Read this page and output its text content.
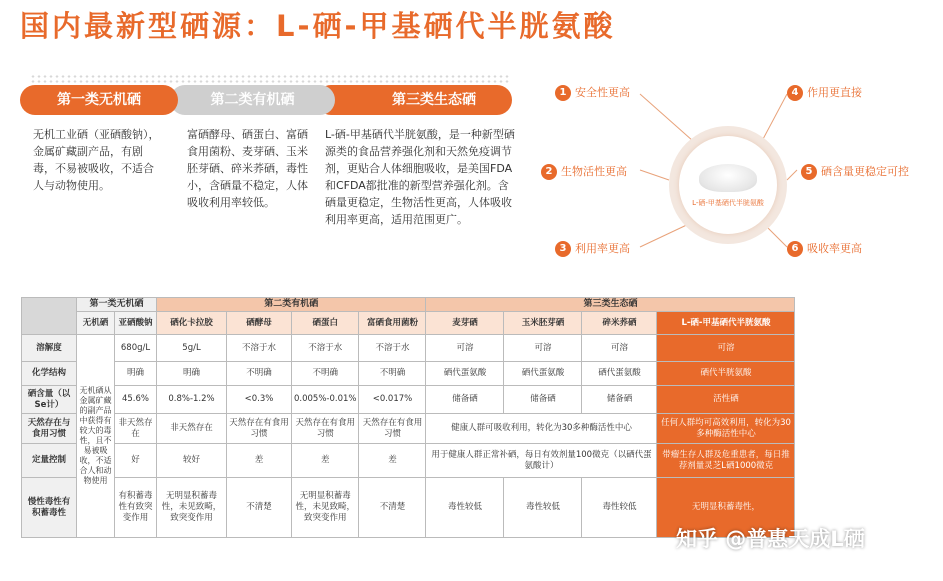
国内最新型硒源：L-硒-甲基硒代半胱氨酸
第三类生态硒
第二类有机硒
第一类无机硒
无机工业硒（亚硒酸钠），金属矿藏副产品，有剧毒，不易被吸收，不适合人与动物使用。
富硒酵母、硒蛋白、富硒食用菌粉、麦芽硒、玉米胚芽硒、碎米荞硒，毒性小，含硒量不稳定，人体吸收利用率较低。
L-硒-甲基硒代半胱氨酸，是一种新型硒源类的食品营养强化剂和天然免疫调节剂，更贴合人体细胞吸收，是美国FDA和CFDA都批准的新型营养强化剂。含硒量更稳定，生物活性更高，人体吸收利用率更高，适用范围更广。
1 安全性更高
2 生物活性更高
3 利用率更高
4 作用更直接
5 硒含量更稳定可控
6 吸收率更高
L-硒-甲基硒代半胱氨酸
	第一类无机硒		第二类有机硒				第三类生态硒			
	无机硒	亚硒酸钠	硒化卡拉胶	硒酵母	硒蛋白	富硒食用菌粉	麦芽硒	玉米胚芽硒	碎米荞硒	L-硒-甲基硒代半胱氨酸
溶解度	无机硒从金属矿藏的副产品中获得有较大的毒性，且不易被吸收，不适合人和动物使用	680g/L	5g/L	不溶于水	不溶于水	不溶于水	可溶	可溶	可溶	可溶
化学结构		明确	明确	不明确	不明确	不明确	硒代蛋氨酸	硒代蛋氨酸	硒代蛋氨酸	硒代半胱氨酸
硒含量（以Se计）		45.6%	0.8%-1.2%	<0.3%	0.005%-0.01%	<0.017%	储备硒	储备硒	储备硒	活性硒
天然存在与食用习惯		非天然存在	非天然存在	天然存在有食用习惯	天然存在有食用习惯	天然存在有食用习惯	健康人群可吸收利用，转化为30多种酶活性中心			任何人群均可高效利用，转化为30多种酶活性中心
定量控制		好	较好	差	差	差	用于健康人群正常补硒，每日有效剂量100微克（以硒代蛋氨酸计）			带瘤生存人群及危重患者，每日推荐剂量灵芝L硒1000微克
慢性毒性有积蓄毒性		有积蓄毒性有致突变作用	无明显积蓄毒性，未见致畸，致突变作用	不清楚	无明显积蓄毒性，未见致畸，致突变作用	不清楚	毒性较低	毒性较低	毒性较低	无明显积蓄毒性，
知乎 @普惠天成L硒
